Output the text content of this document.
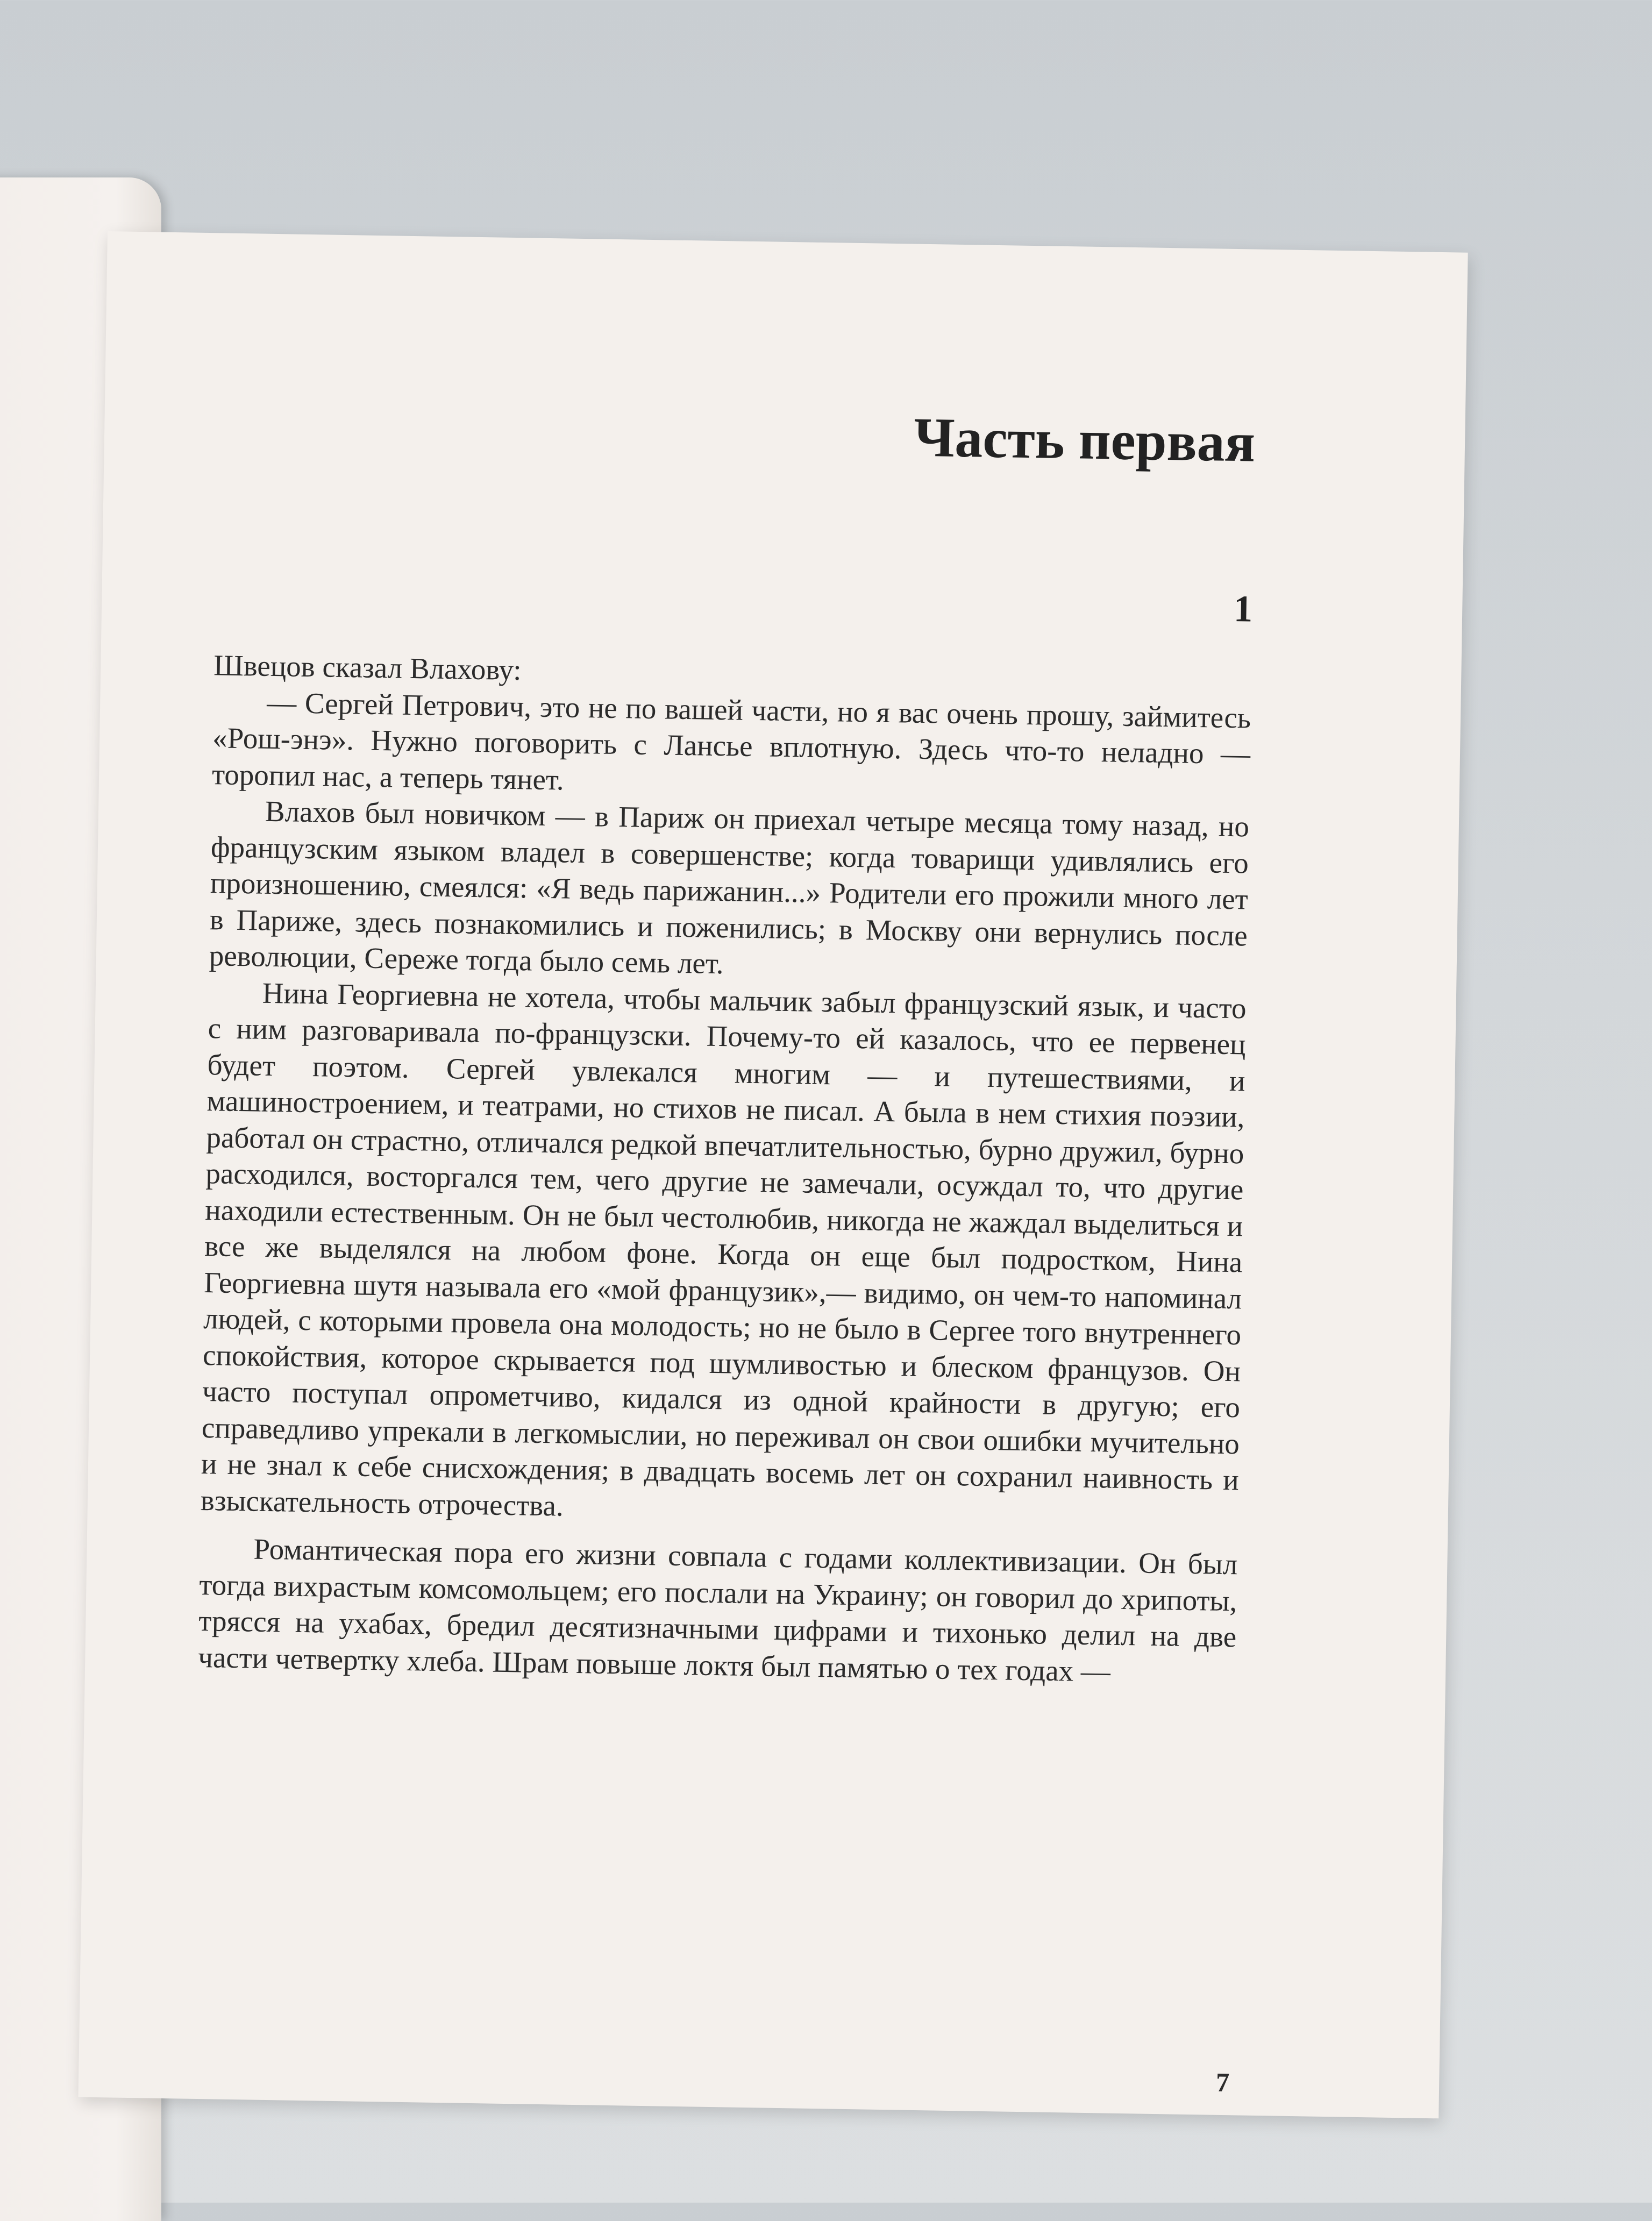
Часть первая
1

Швецов сказал Влахову:

— Сергей Петрович, это не по вашей части, но я вас очень прошу, займитесь «Рош-энэ». Нужно поговорить с Лансье вплотную. Здесь что-то неладно — торопил нас, а теперь тянет.

Влахов был новичком — в Париж он приехал четыре месяца тому назад, но французским языком владел в совершенстве; когда товарищи удивлялись его произношению, смеялся: «Я ведь парижанин...» Родители его прожили много лет в Париже, здесь познакомились и поженились; в Москву они вернулись после революции, Сереже тогда было семь лет.

Нина Георгиевна не хотела, чтобы мальчик забыл французский язык, и часто с ним разговаривала по-французски. Почему-то ей казалось, что ее первенец будет поэтом. Сергей увлекался многим — и путешествиями, и машиностроением, и театрами, но стихов не писал. А была в нем стихия поэзии, работал он страстно, отличался редкой впечатлительностью, бурно дружил, бурно расходился, восторгался тем, чего другие не замечали, осуждал то, что другие находили естественным. Он не был честолюбив, никогда не жаждал выделиться и все же выделялся на любом фоне. Когда он еще был подростком, Нина Георгиевна шутя называла его «мой французик»,— видимо, он чем-то напоминал людей, с которыми провела она молодость; но не было в Сергее того внутреннего спокойствия, которое скрывается под шумливостью и блеском французов. Он часто поступал опрометчиво, кидался из одной крайности в другую; его справедливо упрекали в легкомыслии, но переживал он свои ошибки мучительно и не знал к себе снисхождения; в двадцать восемь лет он сохранил наивность и взыскательность отрочества.

Романтическая пора его жизни совпала с годами коллективизации. Он был тогда вихрастым комсомольцем; его послали на Украину; он говорил до хрипоты, трясся на ухабах, бредил десятизначными цифрами и тихонько делил на две части четвертку хлеба. Шрам повыше локтя был памятью о тех годах —

7
